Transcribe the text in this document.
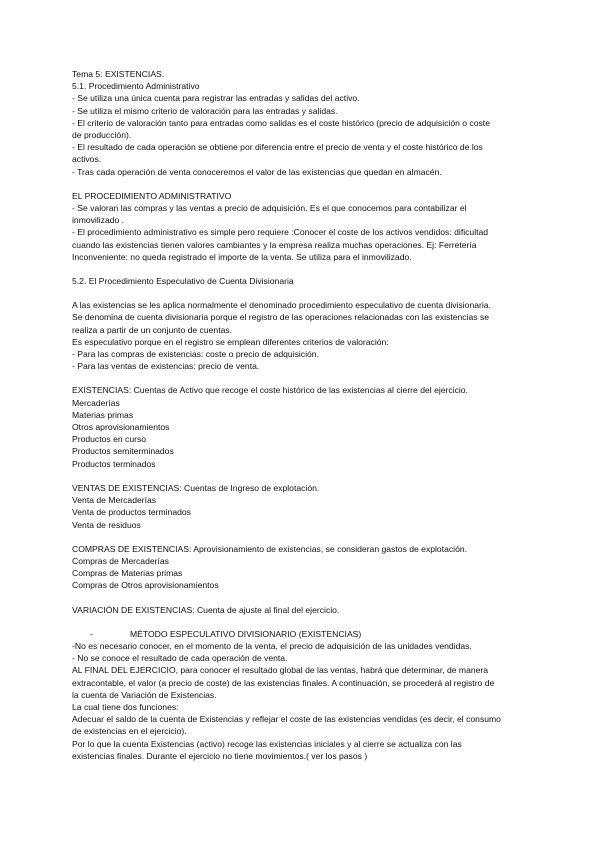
Tema 5: EXISTENCIAS.
5.1. Procedimiento Administrativo
- Se utiliza una única cuenta para registrar las entradas y salidas del activo.
- Se utiliza el mismo criterio de valoración para las entradas y salidas.
- El criterio de valoración tanto para entradas como salidas es el coste histórico (precio de adquisición o coste
de producción).
- El resultado de cada operación se obtiene por diferencia entre el precio de venta y el coste histórico de los
activos.
- Tras cada operación de venta conoceremos el valor de las existencias que quedan en almacén.
EL PROCEDIMIENTO ADMINISTRATIVO
- Se valoran las compras y las ventas a precio de adquisición. Es el que conocemos para contabilizar el
inmovilizado .
- El procedimiento administrativo es simple pero requiere :Conocer el coste de los activos vendidos: dificultad
cuando las existencias tienen valores cambiantes y la empresa realiza muchas operaciones. Ej: Ferretería
Inconveniente: no queda registrado el importe de la venta. Se utiliza para el inmovilizado.
5.2. El Procedimiento Especulativo de Cuenta Divisionaria
A las existencias se les aplica normalmente el denominado procedimiento especulativo de cuenta divisionaria.
Se denomina de cuenta divisionaria porque el registro de las operaciones relacionadas con las existencias se
realiza a partir de un conjunto de cuentas.
Es especulativo porque en el registro se emplean diferentes criterios de valoración:
- Para las compras de existencias: coste o precio de adquisición.
- Para las ventas de existencias: precio de venta.
EXISTENCIAS: Cuentas de Activo que recoge el coste histórico de las existencias al cierre del ejercicio.
Mercaderías
Materias primas
Otros aprovisionamientos
Productos en curso
Productos semiterminados
Productos terminados
VENTAS DE EXISTENCIAS: Cuentas de Ingreso de explotación.
Venta de Mercaderías
Venta de productos terminados
Venta de residuos
COMPRAS DE EXISTENCIAS: Aprovisionamiento de existencias, se consideran gastos de explotación.
Compras de Mercaderías
Compras de Materias primas
Compras de Otros aprovisionamientos
VARIACIÓN DE EXISTENCIAS: Cuenta de ajuste al final del ejercicio.
-	MÉTODO ESPECULATIVO DIVISIONARIO (EXISTENCIAS)
-No es necesario conocer, en el momento de la venta, el precio de adquisición de las unidades vendidas.
- No se conoce el resultado de cada operación de venta.
AL FINAL DEL EJERCICIO, para conocer el resultado global de las ventas, habrá que determinar, de manera
extracontable, el valor (a precio de coste) de las existencias finales. A continuación, se procederá al registro de
la cuenta de Variación de Existencias.
La cual tiene dos funciones:
Adecuar el saldo de la cuenta de Existencias y reflejar el coste de las existencias vendidas (es decir, el consumo
de existencias en el ejercicio).
Por lo que la cuenta Existencias (activo) recoge las existencias iniciales y al cierre se actualiza con las
existencias finales. Durante el ejercicio no tiene movimientos.( ver los pasos )
